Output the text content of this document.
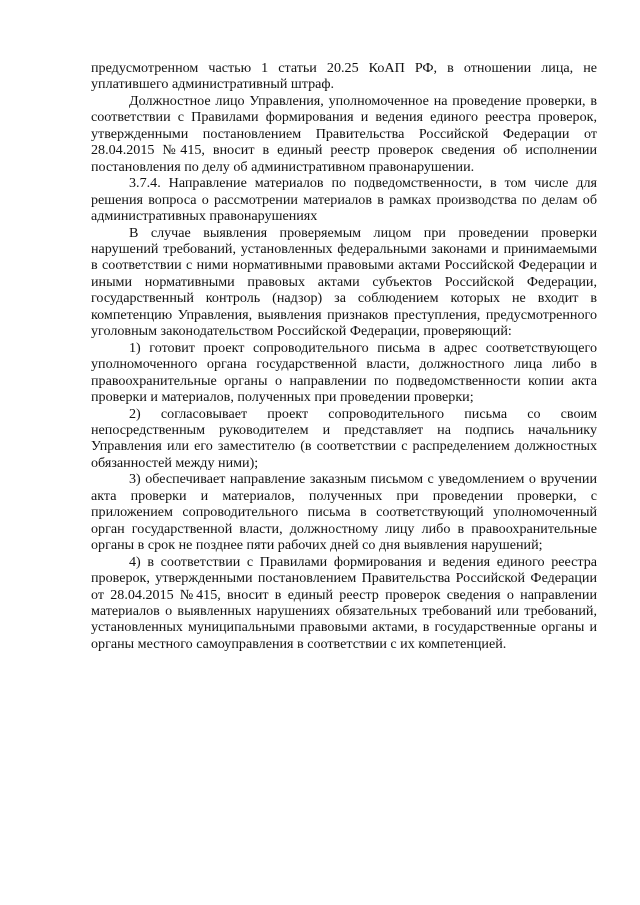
предусмотренном частью 1 статьи 20.25 КоАП РФ, в отношении лица, не уплатившего административный штраф.

Должностное лицо Управления, уполномоченное на проведение проверки, в соответствии с Правилами формирования и ведения единого реестра проверок, утвержденными постановлением Правительства Российской Федерации от 28.04.2015 №415, вносит в единый реестр проверок сведения об исполнении постановления по делу об административном правонарушении.

3.7.4. Направление материалов по подведомственности, в том числе для решения вопроса о рассмотрении материалов в рамках производства по делам об административных правонарушениях

В случае выявления проверяемым лицом при проведении проверки нарушений требований, установленных федеральными законами и принимаемыми в соответствии с ними нормативными правовыми актами Российской Федерации и иными нормативными правовых актами субъектов Российской Федерации, государственный контроль (надзор) за соблюдением которых не входит в компетенцию Управления, выявления признаков преступления, предусмотренного уголовным законодательством Российской Федерации, проверяющий:

1) готовит проект сопроводительного письма в адрес соответствующего уполномоченного органа государственной власти, должностного лица либо в правоохранительные органы о направлении по подведомственности копии акта проверки и материалов, полученных при проведении проверки;

2) согласовывает проект сопроводительного письма со своим непосредственным руководителем и представляет на подпись начальнику Управления или его заместителю (в соответствии с распределением должностных обязанностей между ними);

3) обеспечивает направление заказным письмом с уведомлением о вручении акта проверки и материалов, полученных при проведении проверки, с приложением сопроводительного письма в соответствующий уполномоченный орган государственной власти, должностному лицу либо в правоохранительные органы в срок не позднее пяти рабочих дней со дня выявления нарушений;

4) в соответствии с Правилами формирования и ведения единого реестра проверок, утвержденными постановлением Правительства Российской Федерации от 28.04.2015 №415, вносит в единый реестр проверок сведения о направлении материалов о выявленных нарушениях обязательных требований или требований, установленных муниципальными правовыми актами, в государственные органы и органы местного самоуправления в соответствии с их компетенцией.
